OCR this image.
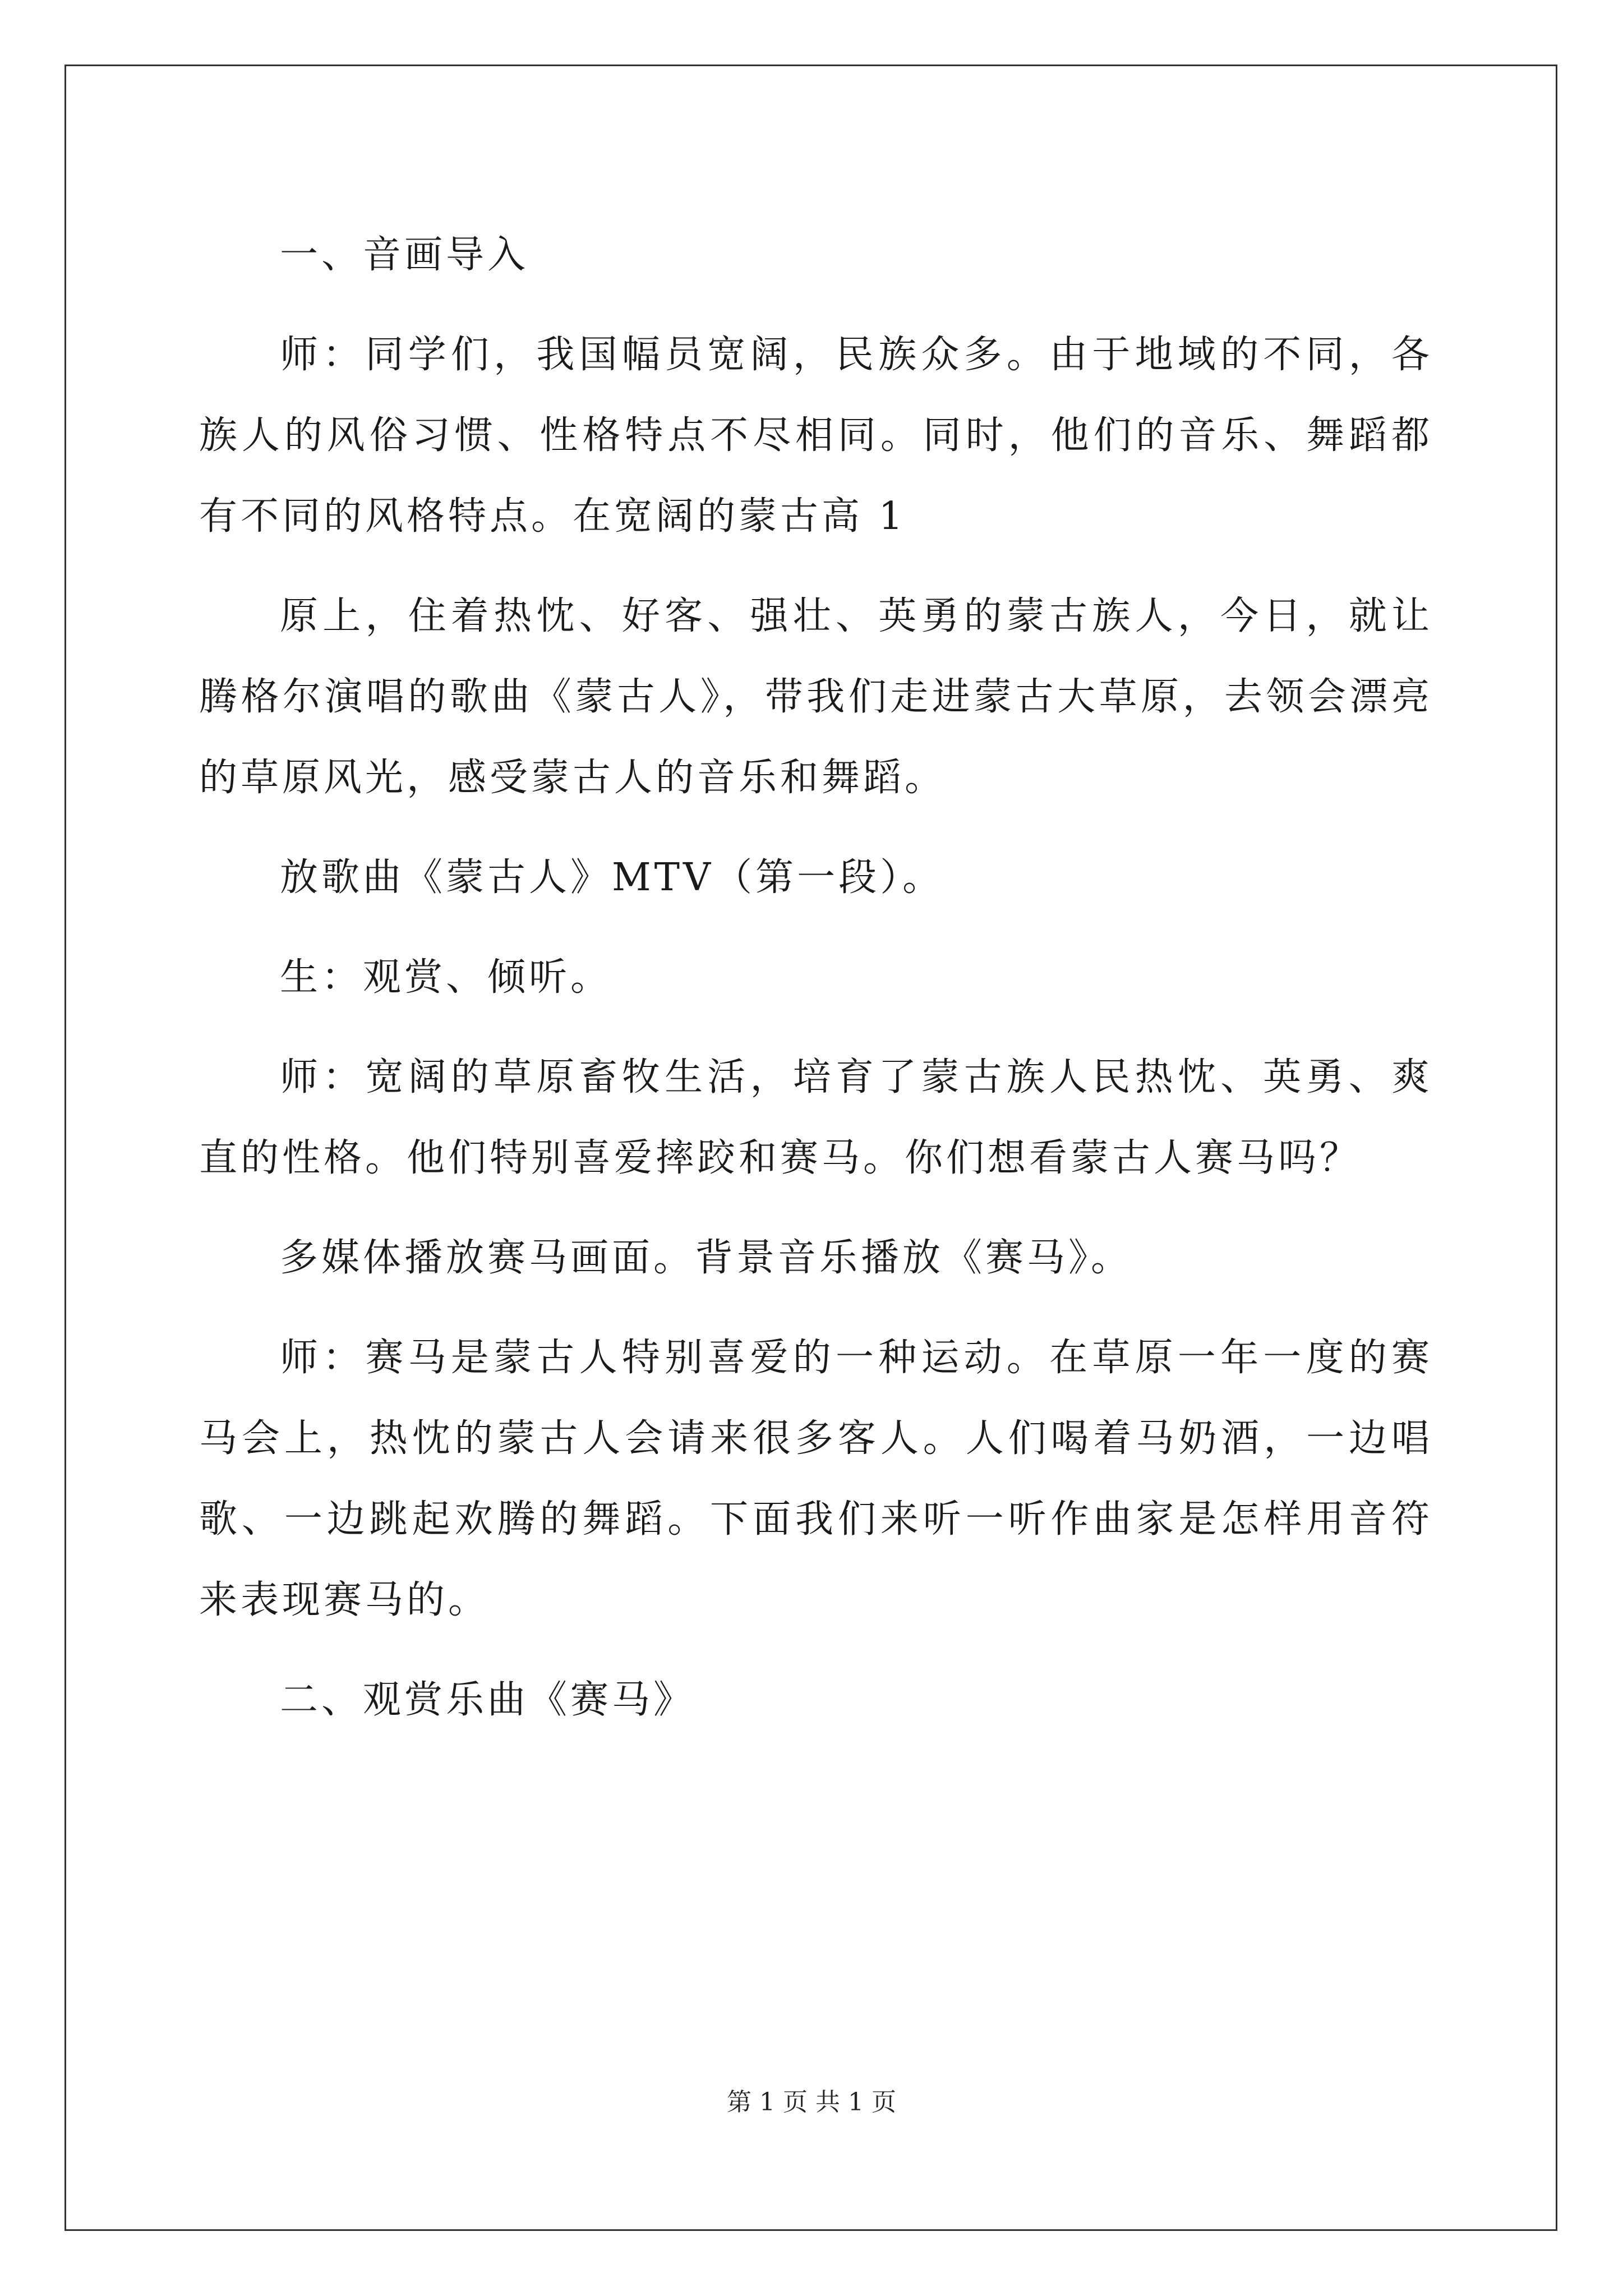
一、音画导入

师：同学们，我国幅员宽阔，民族众多。由于地域的不同，各族人的风俗习惯、性格特点不尽相同。同时，他们的音乐、舞蹈都有不同的风格特点。在宽阔的蒙古高 1

原上，住着热忱、好客、强壮、英勇的蒙古族人，今日，就让腾格尔演唱的歌曲《蒙古人》，带我们走进蒙古大草原，去领会漂亮的草原风光，感受蒙古人的音乐和舞蹈。

放歌曲《蒙古人》MTV（第一段）。

生：观赏、倾听。

师：宽阔的草原畜牧生活，培育了蒙古族人民热忱、英勇、爽直的性格。他们特别喜爱摔跤和赛马。你们想看蒙古人赛马吗？

多媒体播放赛马画面。背景音乐播放《赛马》。

师：赛马是蒙古人特别喜爱的一种运动。在草原一年一度的赛马会上，热忱的蒙古人会请来很多客人。人们喝着马奶酒，一边唱歌、一边跳起欢腾的舞蹈。下面我们来听一听作曲家是怎样用音符来表现赛马的。

二、观赏乐曲《赛马》

第 1 页 共 1 页
